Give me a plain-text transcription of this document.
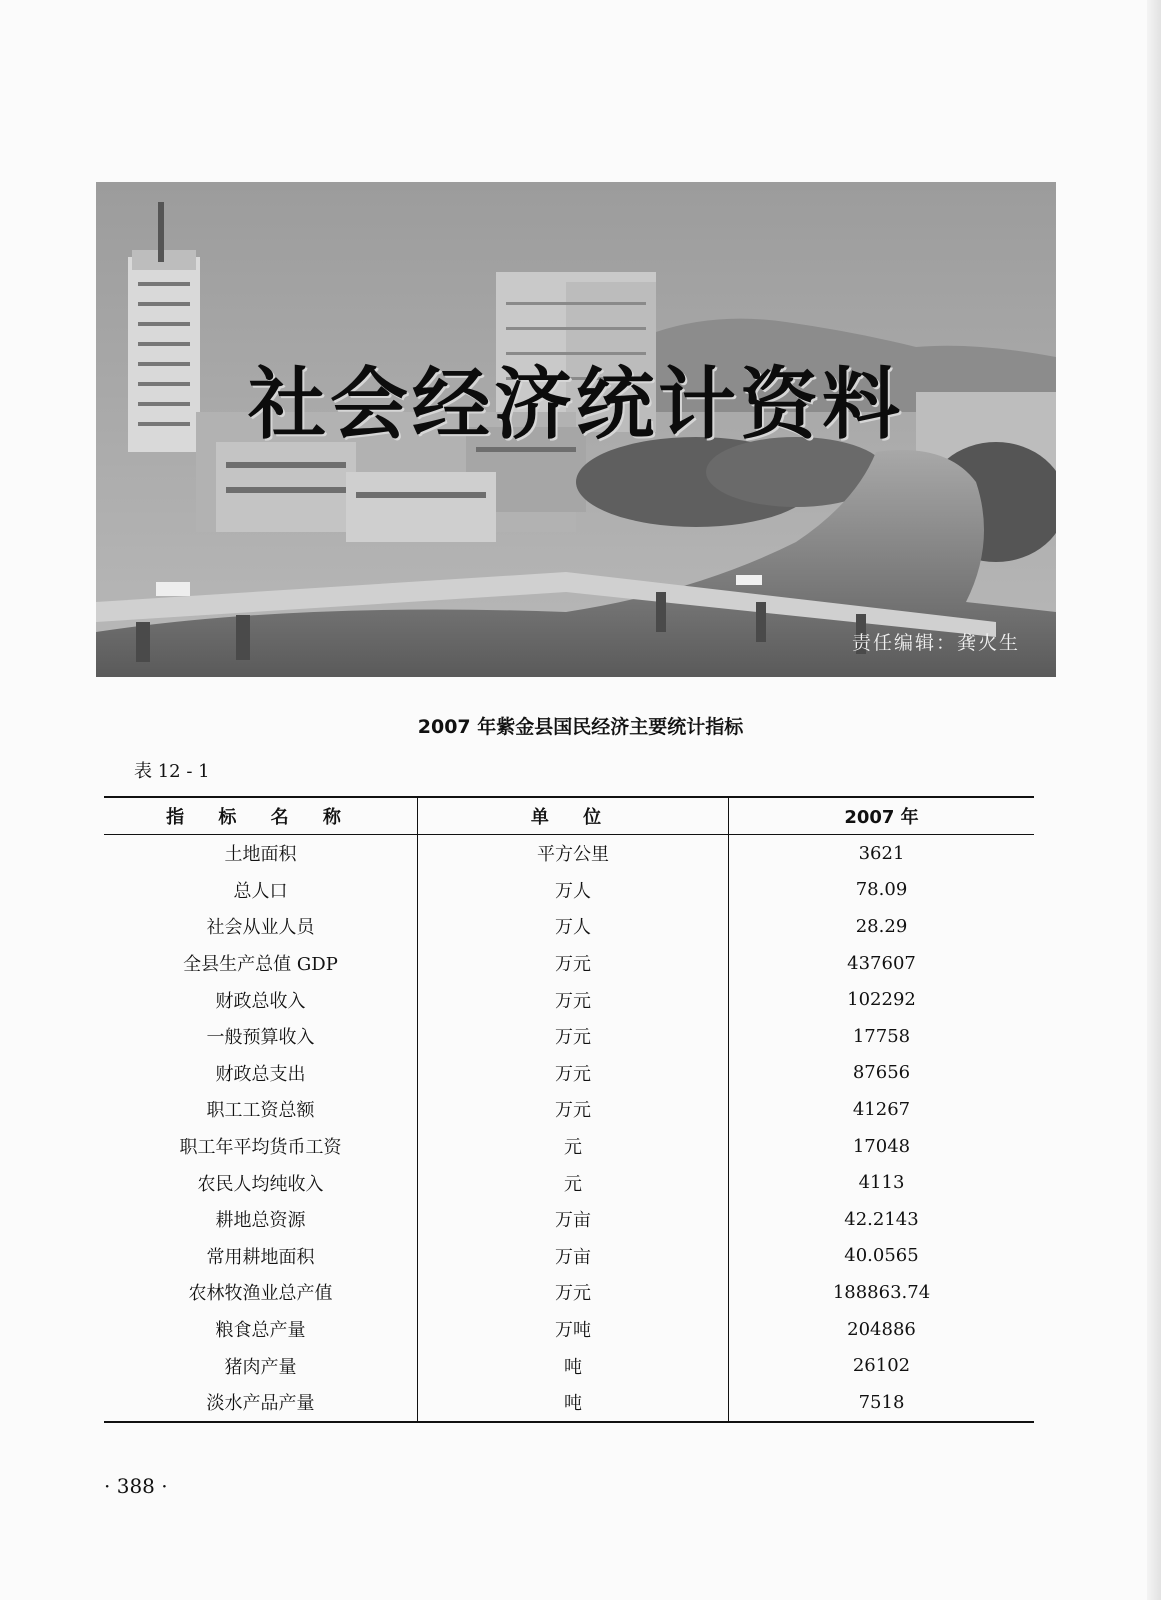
社会经济统计资料
责任编辑：龚火生
2007 年紫金县国民经济主要统计指标
表 12 - 1
指 标 名 称	单 位	2007 年
土地面积	平方公里	3621
总人口	万人	78.09
社会从业人员	万人	28.29
全县生产总值 GDP	万元	437607
财政总收入	万元	102292
一般预算收入	万元	17758
财政总支出	万元	87656
职工工资总额	万元	41267
职工年平均货币工资	元	17048
农民人均纯收入	元	4113
耕地总资源	万亩	42.2143
常用耕地面积	万亩	40.0565
农林牧渔业总产值	万元	188863.74
粮食总产量	万吨	204886
猪肉产量	吨	26102
淡水产品产量	吨	7518
· 388 ·
